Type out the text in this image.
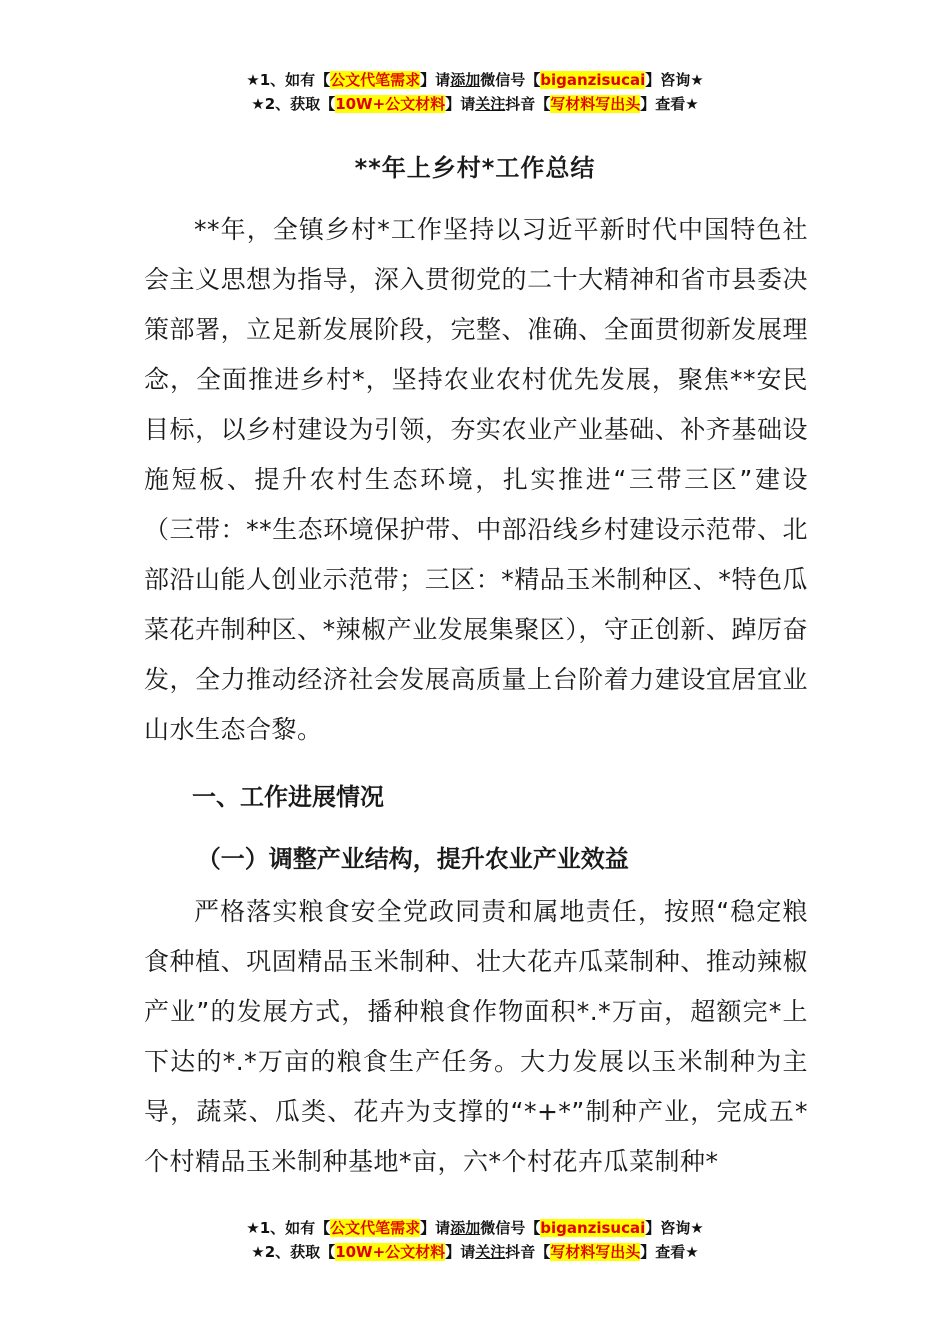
★1、如有【公文代笔需求】请添加微信号【biganzisucai】咨询★
★2、获取【10W+公文材料】请关注抖音【写材料写出头】查看★
**年上乡村*工作总结

**年，全镇乡村*工作坚持以习近平新时代中国特色社会主义思想为指导，深入贯彻党的二十大精神和省市县委决策部署，立足新发展阶段，完整、准确、全面贯彻新发展理念，全面推进乡村*，坚持农业农村优先发展，聚焦**安民目标，以乡村建设为引领，夯实农业产业基础、补齐基础设施短板、提升农村生态环境，扎实推进“三带三区”建设（三带：**生态环境保护带、中部沿线乡村建设示范带、北部沿山能人创业示范带；三区：*精品玉米制种区、*特色瓜菜花卉制种区、*辣椒产业发展集聚区），守正创新、踔厉奋发，全力推动经济社会发展高质量上台阶着力建设宜居宜业山水生态合黎。

一、工作进展情况
（一）调整产业结构，提升农业产业效益

严格落实粮食安全党政同责和属地责任，按照“稳定粮食种植、巩固精品玉米制种、壮大花卉瓜菜制种、推动辣椒产业”的发展方式，播种粮食作物面积*.*万亩，超额完*上下达的*.*万亩的粮食生产任务。大力发展以玉米制种为主导，蔬菜、瓜类、花卉为支撑的“*+*”制种产业，完成五*个村精品玉米制种基地*亩，六*个村花卉瓜菜制种*

★1、如有【公文代笔需求】请添加微信号【biganzisucai】咨询★
★2、获取【10W+公文材料】请关注抖音【写材料写出头】查看★
